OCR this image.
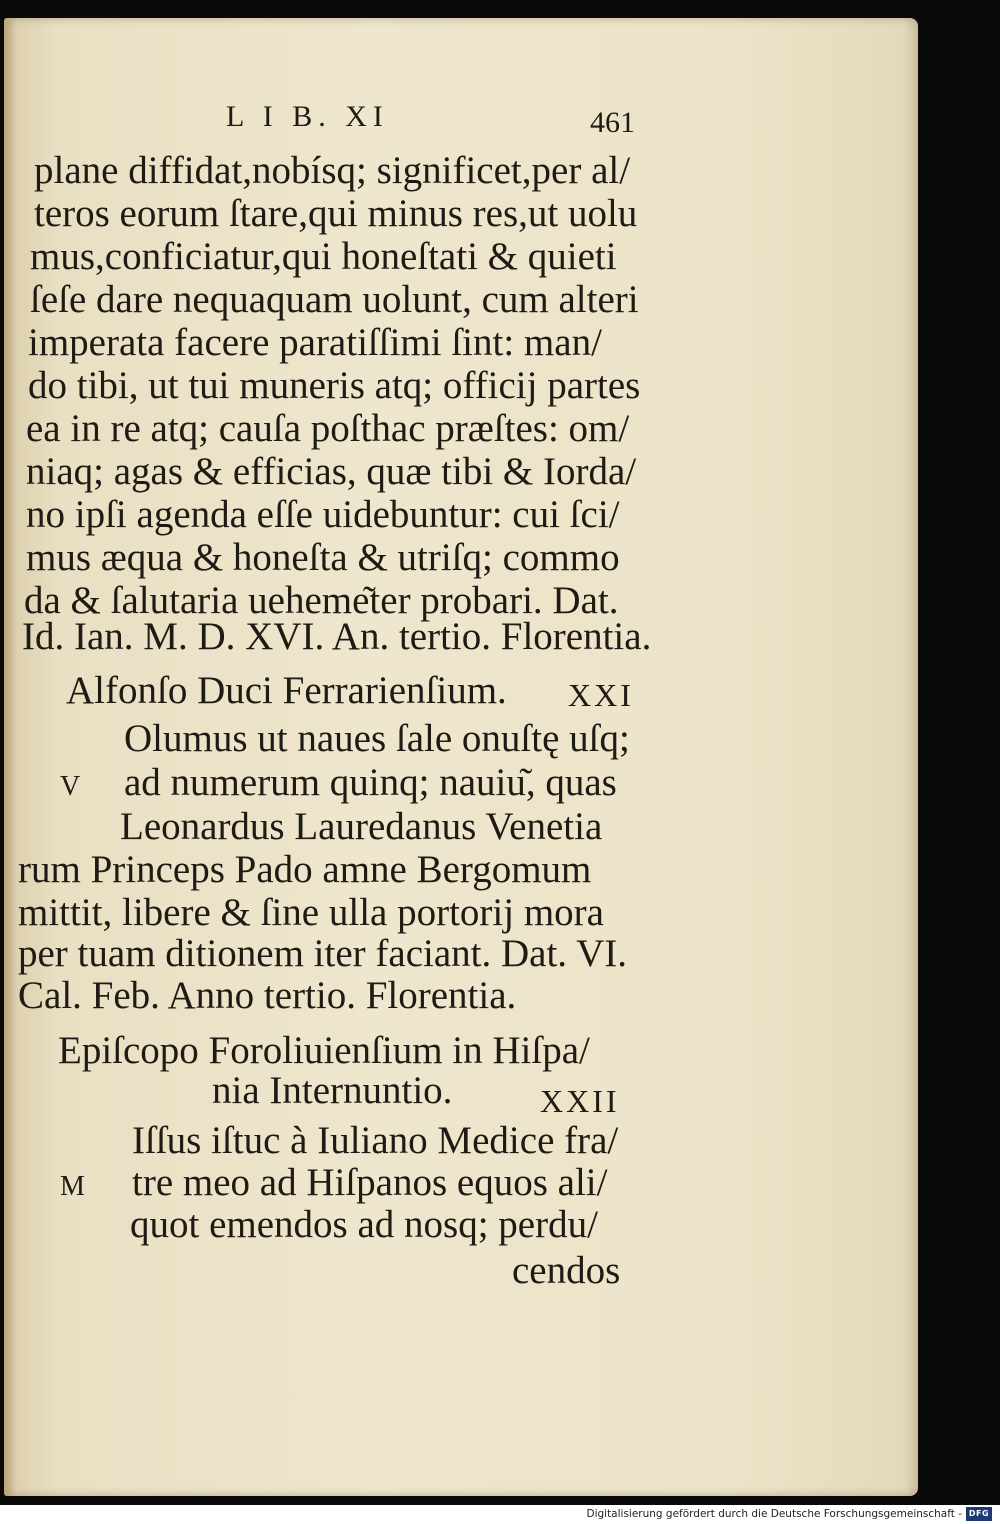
L I B. XI	461
plane diffidat,nobísq; significet,per al/
teros eorum ſtare,qui minus res,ut uolu
mus,conficiatur,qui honeſtati & quieti
ſeſe dare nequaquam uolunt, cum alteri
imperata facere paratiſſimi ſint: man/
do tibi, ut tui muneris atq; officij partes
ea in re atq; cauſa poſthac præſtes: om/
niaq; agas & efficias, quæ tibi & Iorda/
no ipſi agenda eſſe uidebuntur: cui ſci/
mus æqua & honeſta & utriſq; commo
da & ſalutaria ueheme͂ter probari. Dat.
Id. Ian. M. D. XVI. An. tertio. Florentia.
Alfonſo Duci Ferrarienſium. XXI
Olumus ut naues ſale onuſtę uſq;
V ad numerum quinq; nauiu͂, quas
Leonardus Lauredanus Venetia
rum Princeps Pado amne Bergomum
mittit, libere & ſine ulla portorij mora
per tuam ditionem iter faciant. Dat. VI.
Cal. Feb. Anno tertio. Florentia.
Epiſcopo Foroliuienſium in Hiſpa/
nia Internuntio.	XXII
Iſſus iſtuc à Iuliano Medice fra/
M tre meo ad Hiſpanos equos ali/
quot emendos ad nosq; perdu/
cendos
Digitalisierung gefördert durch die Deutsche Forschungsgemeinschaft - DFG
